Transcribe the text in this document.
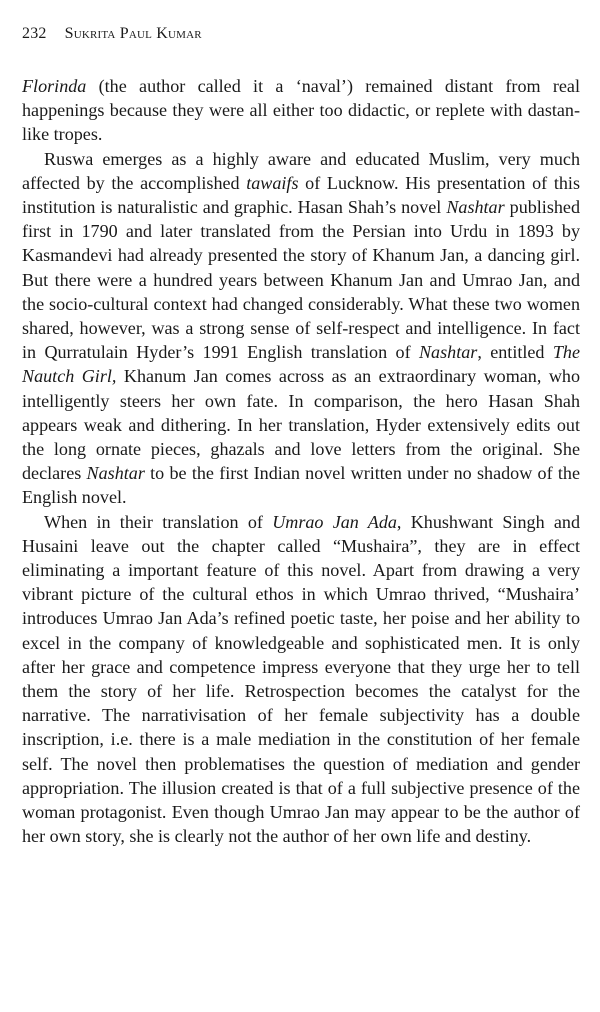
232 Sukrita Paul Kumar

Florinda (the author called it a ‘naval’) remained distant from real happenings because they were all either too didactic, or replete with dastan-like tropes.

Ruswa emerges as a highly aware and educated Muslim, very much affected by the accomplished tawaifs of Lucknow. His presentation of this institution is naturalistic and graphic. Hasan Shah’s novel Nashtar published first in 1790 and later translated from the Persian into Urdu in 1893 by Kasmandevi had already presented the story of Khanum Jan, a dancing girl. But there were a hundred years between Khanum Jan and Umrao Jan, and the socio-cultural context had changed considerably. What these two women shared, however, was a strong sense of self-respect and intelligence. In fact in Qurratulain Hyder’s 1991 English translation of Nashtar, entitled The Nautch Girl, Khanum Jan comes across as an extraordinary woman, who intelligently steers her own fate. In comparison, the hero Hasan Shah appears weak and dithering. In her translation, Hyder extensively edits out the long ornate pieces, ghazals and love letters from the original. She declares Nashtar to be the first Indian novel written under no shadow of the English novel.

When in their translation of Umrao Jan Ada, Khushwant Singh and Husaini leave out the chapter called “Mushaira”, they are in effect eliminating a important feature of this novel. Apart from drawing a very vibrant picture of the cultural ethos in which Umrao thrived, “Mushaira’ introduces Umrao Jan Ada’s refined poetic taste, her poise and her ability to excel in the company of knowledgeable and sophisticated men. It is only after her grace and competence impress everyone that they urge her to tell them the story of her life. Retrospection becomes the catalyst for the narrative. The narrativisation of her female subjectivity has a double inscription, i.e. there is a male mediation in the constitution of her female self. The novel then problematises the question of mediation and gender appropriation. The illusion created is that of a full subjective presence of the woman protagonist. Even though Umrao Jan may appear to be the author of her own story, she is clearly not the author of her own life and destiny.
